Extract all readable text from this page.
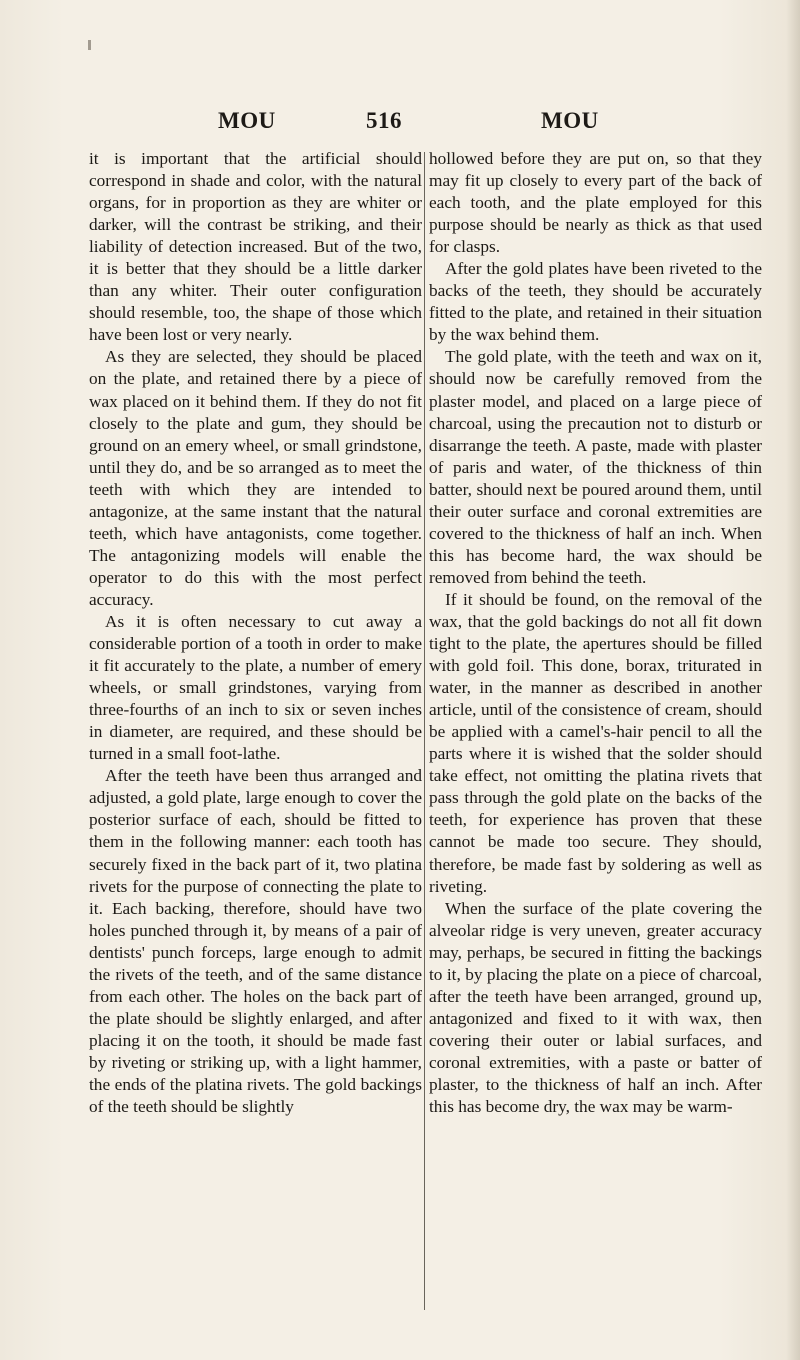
MOU	516	MOU

it is important that the artificial should correspond in shade and color, with the natural organs, for in proportion as they are whiter or darker, will the contrast be striking, and their liability of detection increased. But of the two, it is better that they should be a little darker than any whiter. Their outer configuration should resemble, too, the shape of those which have been lost or very nearly.

As they are selected, they should be placed on the plate, and retained there by a piece of wax placed on it behind them. If they do not fit closely to the plate and gum, they should be ground on an emery wheel, or small grindstone, until they do, and be so arranged as to meet the teeth with which they are intended to antagonize, at the same instant that the natural teeth, which have antagonists, come together. The antagonizing models will enable the operator to do this with the most perfect accuracy.

As it is often necessary to cut away a considerable portion of a tooth in order to make it fit accurately to the plate, a number of emery wheels, or small grindstones, varying from three-fourths of an inch to six or seven inches in diameter, are required, and these should be turned in a small foot-lathe.

After the teeth have been thus arranged and adjusted, a gold plate, large enough to cover the posterior surface of each, should be fitted to them in the following manner: each tooth has securely fixed in the back part of it, two platina rivets for the purpose of connecting the plate to it. Each backing, therefore, should have two holes punched through it, by means of a pair of dentists' punch forceps, large enough to admit the rivets of the teeth, and of the same distance from each other. The holes on the back part of the plate should be slightly enlarged, and after placing it on the tooth, it should be made fast by riveting or striking up, with a light hammer, the ends of the platina rivets. The gold backings of the teeth should be slightly

hollowed before they are put on, so that they may fit up closely to every part of the back of each tooth, and the plate employed for this purpose should be nearly as thick as that used for clasps.

After the gold plates have been riveted to the backs of the teeth, they should be accurately fitted to the plate, and retained in their situation by the wax behind them.

The gold plate, with the teeth and wax on it, should now be carefully removed from the plaster model, and placed on a large piece of charcoal, using the precaution not to disturb or disarrange the teeth. A paste, made with plaster of paris and water, of the thickness of thin batter, should next be poured around them, until their outer surface and coronal extremities are covered to the thickness of half an inch. When this has become hard, the wax should be removed from behind the teeth.

If it should be found, on the removal of the wax, that the gold backings do not all fit down tight to the plate, the apertures should be filled with gold foil. This done, borax, triturated in water, in the manner as described in another article, until of the consistence of cream, should be applied with a camel's-hair pencil to all the parts where it is wished that the solder should take effect, not omitting the platina rivets that pass through the gold plate on the backs of the teeth, for experience has proven that these cannot be made too secure. They should, therefore, be made fast by soldering as well as riveting.

When the surface of the plate covering the alveolar ridge is very uneven, greater accuracy may, perhaps, be secured in fitting the backings to it, by placing the plate on a piece of charcoal, after the teeth have been arranged, ground up, antagonized and fixed to it with wax, then covering their outer or labial surfaces, and coronal extremities, with a paste or batter of plaster, to the thickness of half an inch. After this has become dry, the wax may be warm-
